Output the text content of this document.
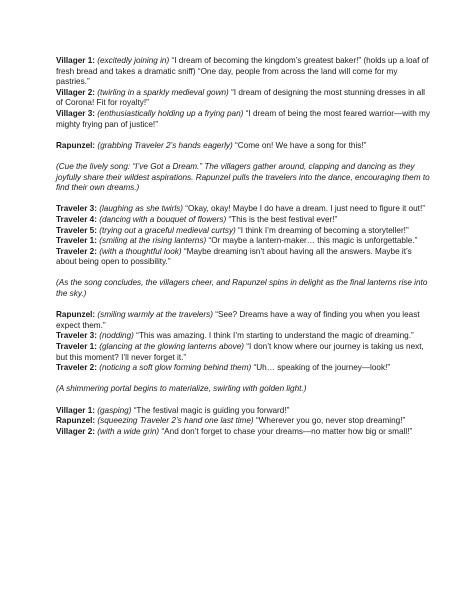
Villager 1: (excitedly joining in) “I dream of becoming the kingdom’s greatest baker!” (holds up a loaf of fresh bread and takes a dramatic sniff) “One day, people from across the land will come for my pastries.”

Villager 2: (twirling in a sparkly medieval gown) “I dream of designing the most stunning dresses in all of Corona! Fit for royalty!”

Villager 3: (enthusiastically holding up a frying pan) “I dream of being the most feared warrior—with my mighty frying pan of justice!”

Rapunzel: (grabbing Traveler 2’s hands eagerly) “Come on! We have a song for this!”

(Cue the lively song: “I’ve Got a Dream.” The villagers gather around, clapping and dancing as they joyfully share their wildest aspirations. Rapunzel pulls the travelers into the dance, encouraging them to find their own dreams.)

Traveler 3: (laughing as she twirls) “Okay, okay! Maybe I do have a dream. I just need to figure it out!”

Traveler 4: (dancing with a bouquet of flowers) “This is the best festival ever!”

Traveler 5: (trying out a graceful medieval curtsy) “I think I’m dreaming of becoming a storyteller!”

Traveler 1: (smiling at the rising lanterns) “Or maybe a lantern-maker… this magic is unforgettable.”

Traveler 2: (with a thoughtful look) “Maybe dreaming isn’t about having all the answers. Maybe it’s about being open to possibility.”

(As the song concludes, the villagers cheer, and Rapunzel spins in delight as the final lanterns rise into the sky.)

Rapunzel: (smiling warmly at the travelers) “See? Dreams have a way of finding you when you least expect them.”

Traveler 3: (nodding) “This was amazing. I think I’m starting to understand the magic of dreaming.”

Traveler 1: (glancing at the glowing lanterns above) “I don’t know where our journey is taking us next, but this moment? I’ll never forget it.”

Traveler 2: (noticing a soft glow forming behind them) “Uh… speaking of the journey—look!”

(A shimmering portal begins to materialize, swirling with golden light.)

Villager 1: (gasping) “The festival magic is guiding you forward!”

Rapunzel: (squeezing Traveler 2’s hand one last time) “Wherever you go, never stop dreaming!”

Villager 2: (with a wide grin) “And don’t forget to chase your dreams—no matter how big or small!”
